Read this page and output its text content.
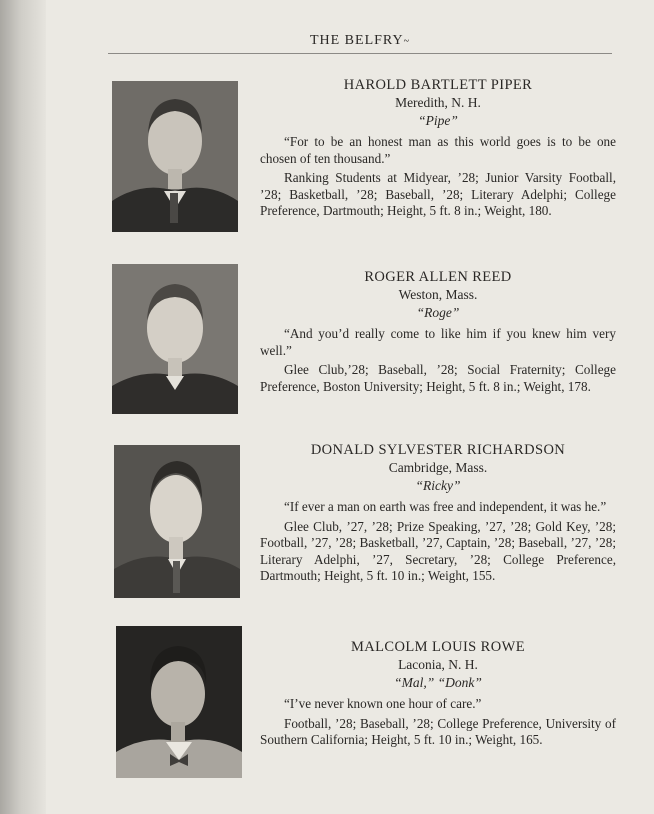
THE BELFRY~
HAROLD BARTLETT PIPER
Meredith, N. H.
“Pipe”

“For to be an honest man as this world goes is to be one chosen of ten thousand.”

Ranking Students at Midyear, ’28; Junior Varsity Football, ’28; Basketball, ’28; Baseball, ’28; Literary Adelphi; College Preference, Dartmouth; Height, 5 ft. 8 in.; Weight, 180.

ROGER ALLEN REED
Weston, Mass.
“Roge”

“And you’d really come to like him if you knew him very well.”

Glee Club,’28; Baseball, ’28; Social Fraternity; College Preference, Boston University; Height, 5 ft. 8 in.; Weight, 178.

DONALD SYLVESTER RICHARDSON
Cambridge, Mass.
“Ricky”

“If ever a man on earth was free and independent, it was he.”

Glee Club, ’27, ’28; Prize Speaking, ’27, ’28; Gold Key, ’28; Football, ’27, ’28; Basketball, ’27, Captain, ’28; Baseball, ’27, ’28; Literary Adelphi, ’27, Secretary, ’28; College Preference, Dartmouth; Height, 5 ft. 10 in.; Weight, 155.

MALCOLM LOUIS ROWE
Laconia, N. H.
“Mal,” “Donk”

“I’ve never known one hour of care.”

Football, ’28; Baseball, ’28; College Preference, University of Southern California; Height, 5 ft. 10 in.; Weight, 165.
